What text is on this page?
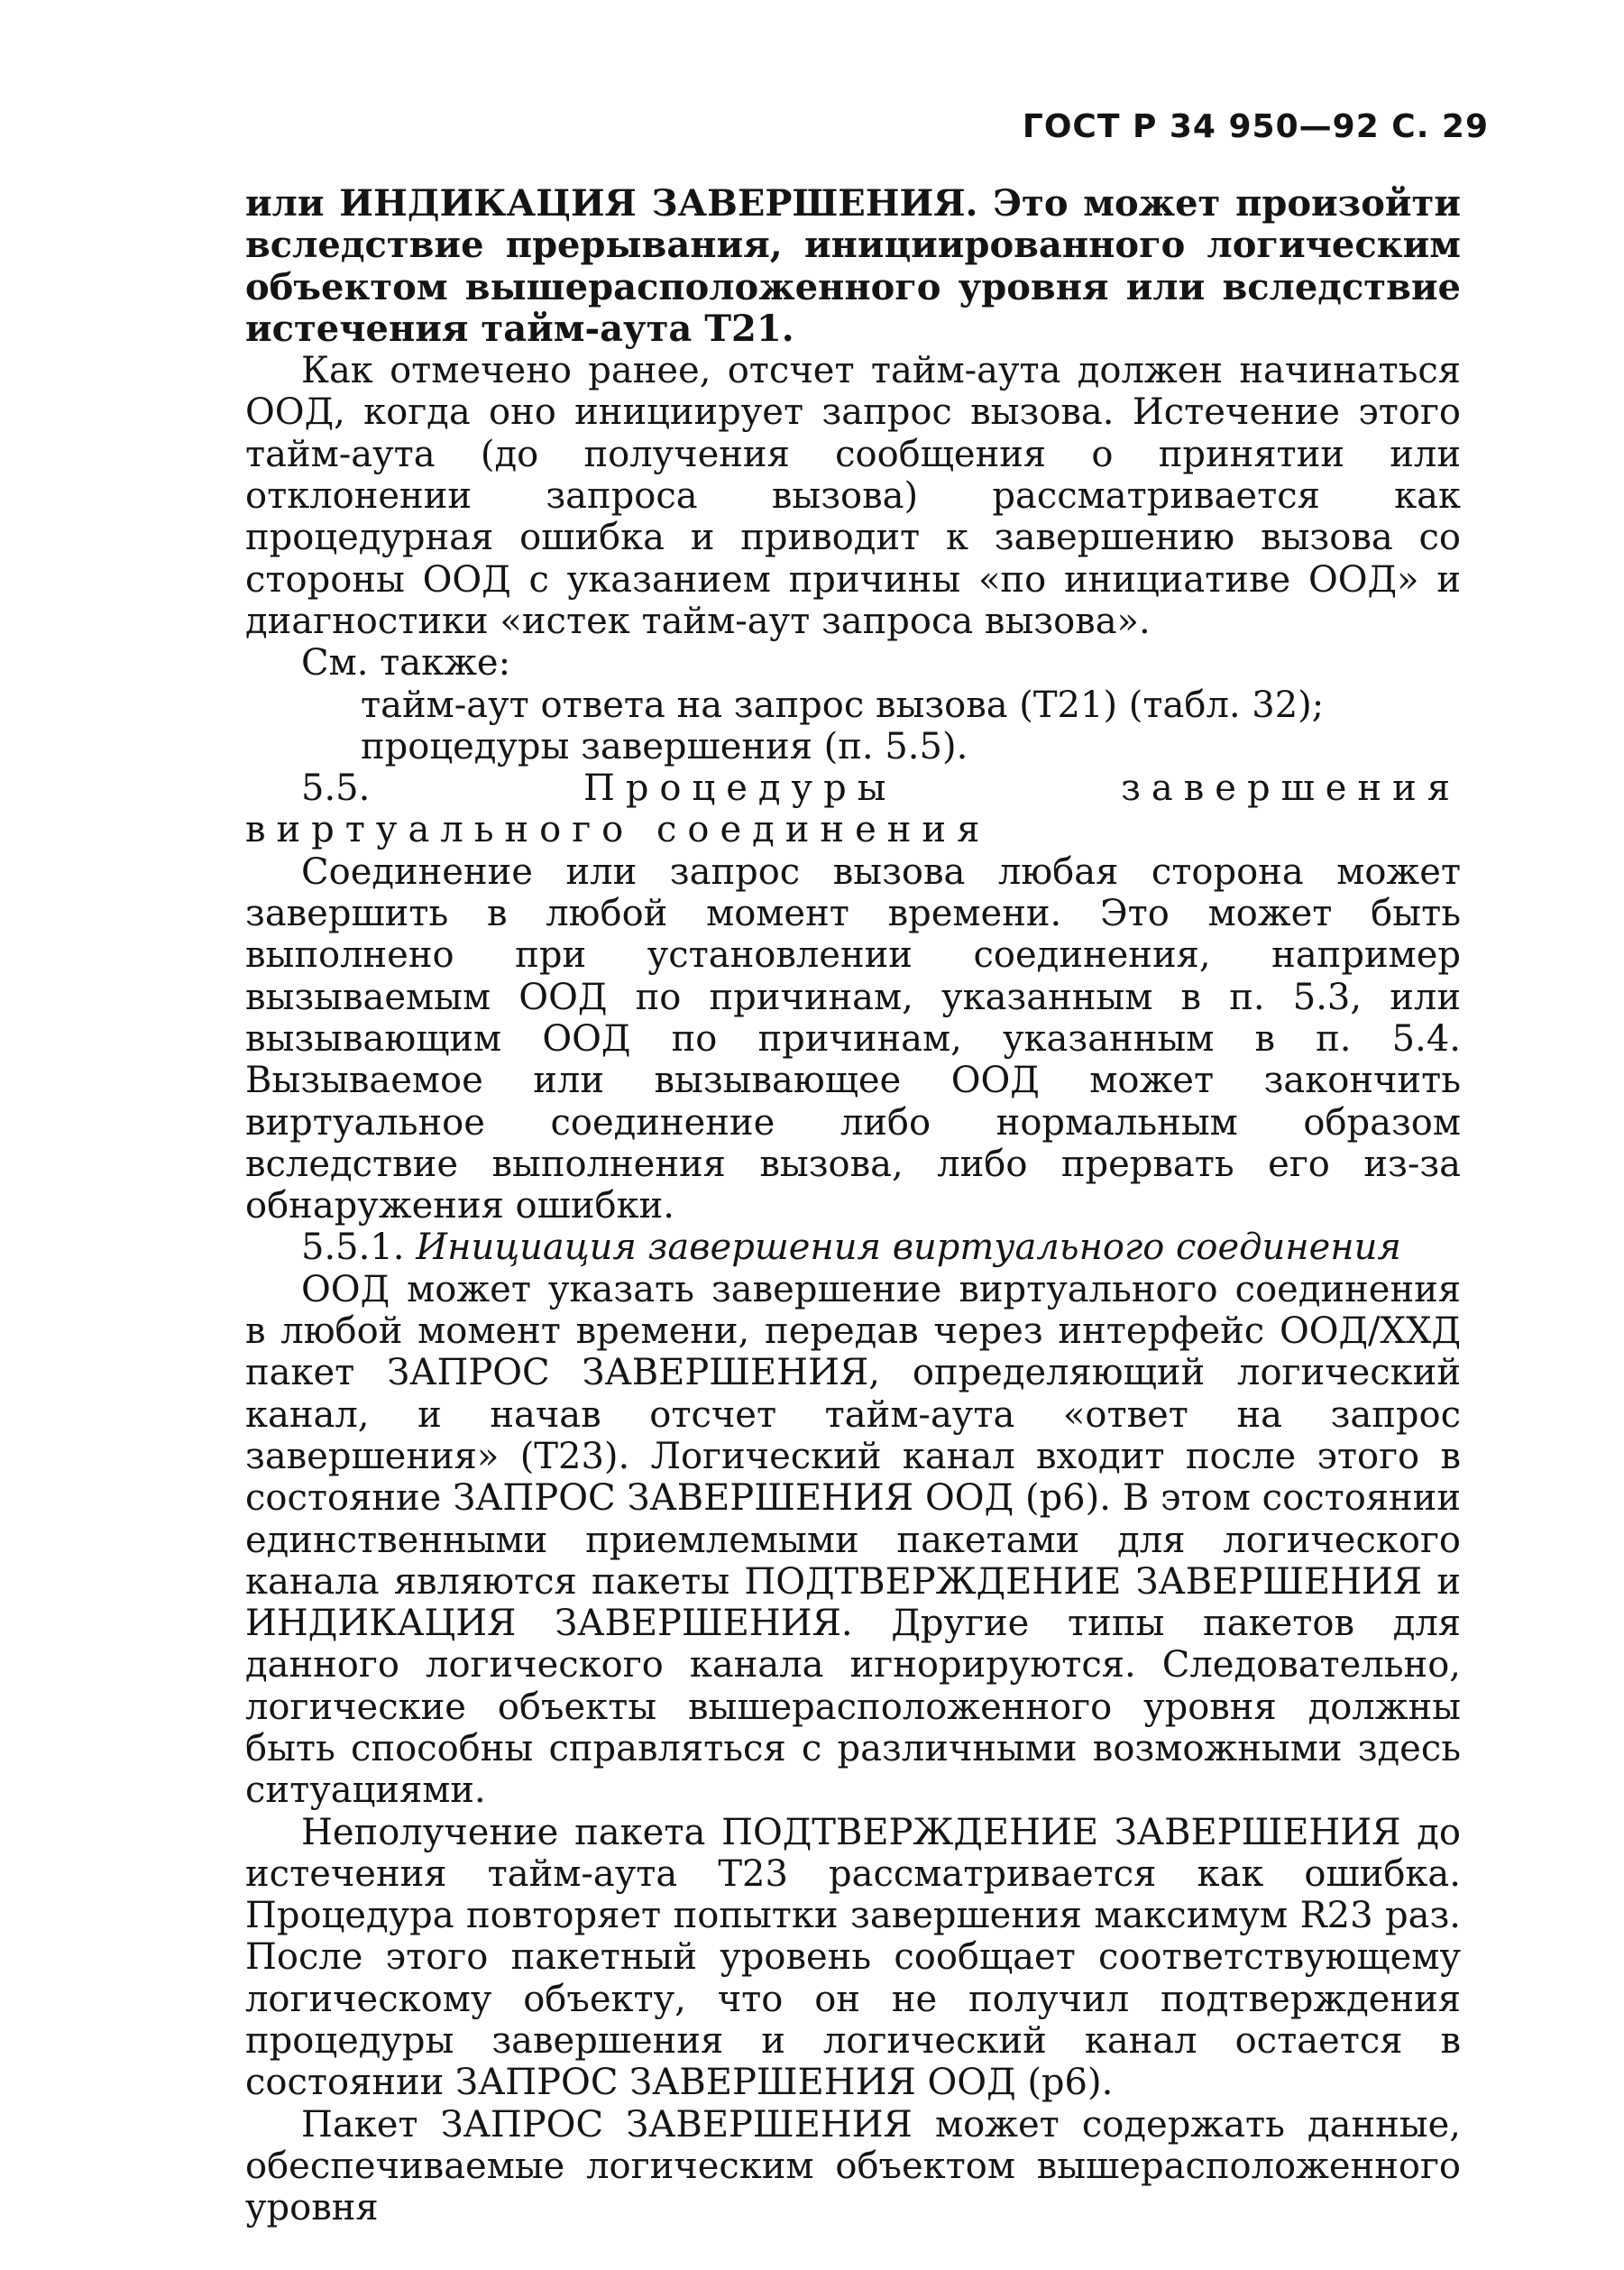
ГОСТ Р 34 950—92 С. 29

или ИНДИКАЦИЯ ЗАВЕРШЕНИЯ. Это может произойти вследствие прерывания, инициированного логическим объектом вышерасположенного уровня или вследствие истечения тайм-аута Т21.

Как отмечено ранее, отсчет тайм-аута должен начинаться ООД, когда оно инициирует запрос вызова. Истечение этого тайм-аута (до получения сообщения о принятии или отклонении запроса вызова) рассматривается как процедурная ошибка и приводит к завершению вызова со стороны ООД с указанием причины «по инициативе ООД» и диагностики «истек тайм-аут запроса вызова».

См. также:

тайм-аут ответа на запрос вызова (Т21) (табл. 32);

процедуры завершения (п. 5.5).

5.5.	Процедуры завершения виртуального соединения

Соединение или запрос вызова любая сторона может завершить в любой момент времени. Это может быть выполнено при установлении соединения, например вызываемым ООД по причинам, указанным в п. 5.3, или вызывающим ООД по причинам, указанным в п. 5.4. Вызываемое или вызывающее ООД может закончить виртуальное соединение либо нормальным образом вследствие выполнения вызова, либо прервать его из-за обнаружения ошибки.

5.5.1. Инициация завершения виртуального соединения

ООД может указать завершение виртуального соединения в любой момент времени, передав через интерфейс ООД/ХХД пакет ЗАПРОС ЗАВЕРШЕНИЯ, определяющий логический канал, и начав отсчет тайм-аута «ответ на запрос завершения» (Т23). Логический канал входит после этого в состояние ЗАПРОС ЗАВЕРШЕНИЯ ООД (р6). В этом состоянии единственными приемлемыми пакетами для логического канала являются пакеты ПОДТВЕРЖДЕНИЕ ЗАВЕРШЕНИЯ и ИНДИКАЦИЯ ЗАВЕРШЕНИЯ. Другие типы пакетов для данного логического канала игнорируются. Следовательно, логические объекты вышерасположенного уровня должны быть способны справляться с различными возможными здесь ситуациями.

Неполучение пакета ПОДТВЕРЖДЕНИЕ ЗАВЕРШЕНИЯ до истечения тайм-аута Т23 рассматривается как ошибка. Процедура повторяет попытки завершения максимум R23 раз. После этого пакетный уровень сообщает соответствующему логическому объекту, что он не получил подтверждения процедуры завершения и логический канал остается в состоянии ЗАПРОС ЗАВЕРШЕНИЯ ООД (р6).

Пакет ЗАПРОС ЗАВЕРШЕНИЯ может содержать данные, обеспечиваемые логическим объектом вышерасположенного уровня
